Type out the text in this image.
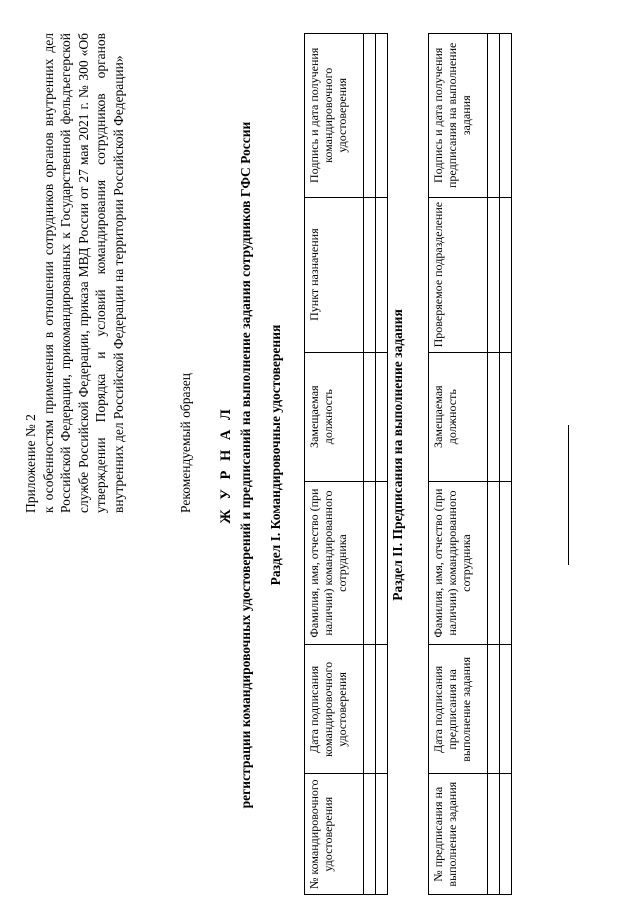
Приложение № 2 к особенностям применения в отношении сотрудников органов внутренних дел Российской Федерации, прикомандированных к Государственной фельдъегерской службе Российской Федерации, приказа МВД России от 27 мая 2021 г. № 300 «Об утверждении Порядка и условий командирования сотрудников органов внутренних дел Российской Федерации на территории Российской Федерации»	Рекомендуемый образец Ж У Р Н А Л регистрации командировочных удостоверений и предписаний на выполнение задания сотрудников ГФС России Раздел I. Командировочные удостоверения
№ командировочного удостоверения	Дата подписания командировочного удостоверения	Фамилия, имя, отчество (при наличии) командированного сотрудника	Замещаемая должность	Пункт назначения	Подпись и дата получения командировочного удостоверения

Раздел II. Предписания на выполнение задания
№ предписания на выполнение задания	Дата подписания предписания на выполнение задания	Фамилия, имя, отчество (при наличии) командированного сотрудника	Замещаемая должность	Проверяемое подразделение	Подпись и дата получения предписания на выполнение задания
